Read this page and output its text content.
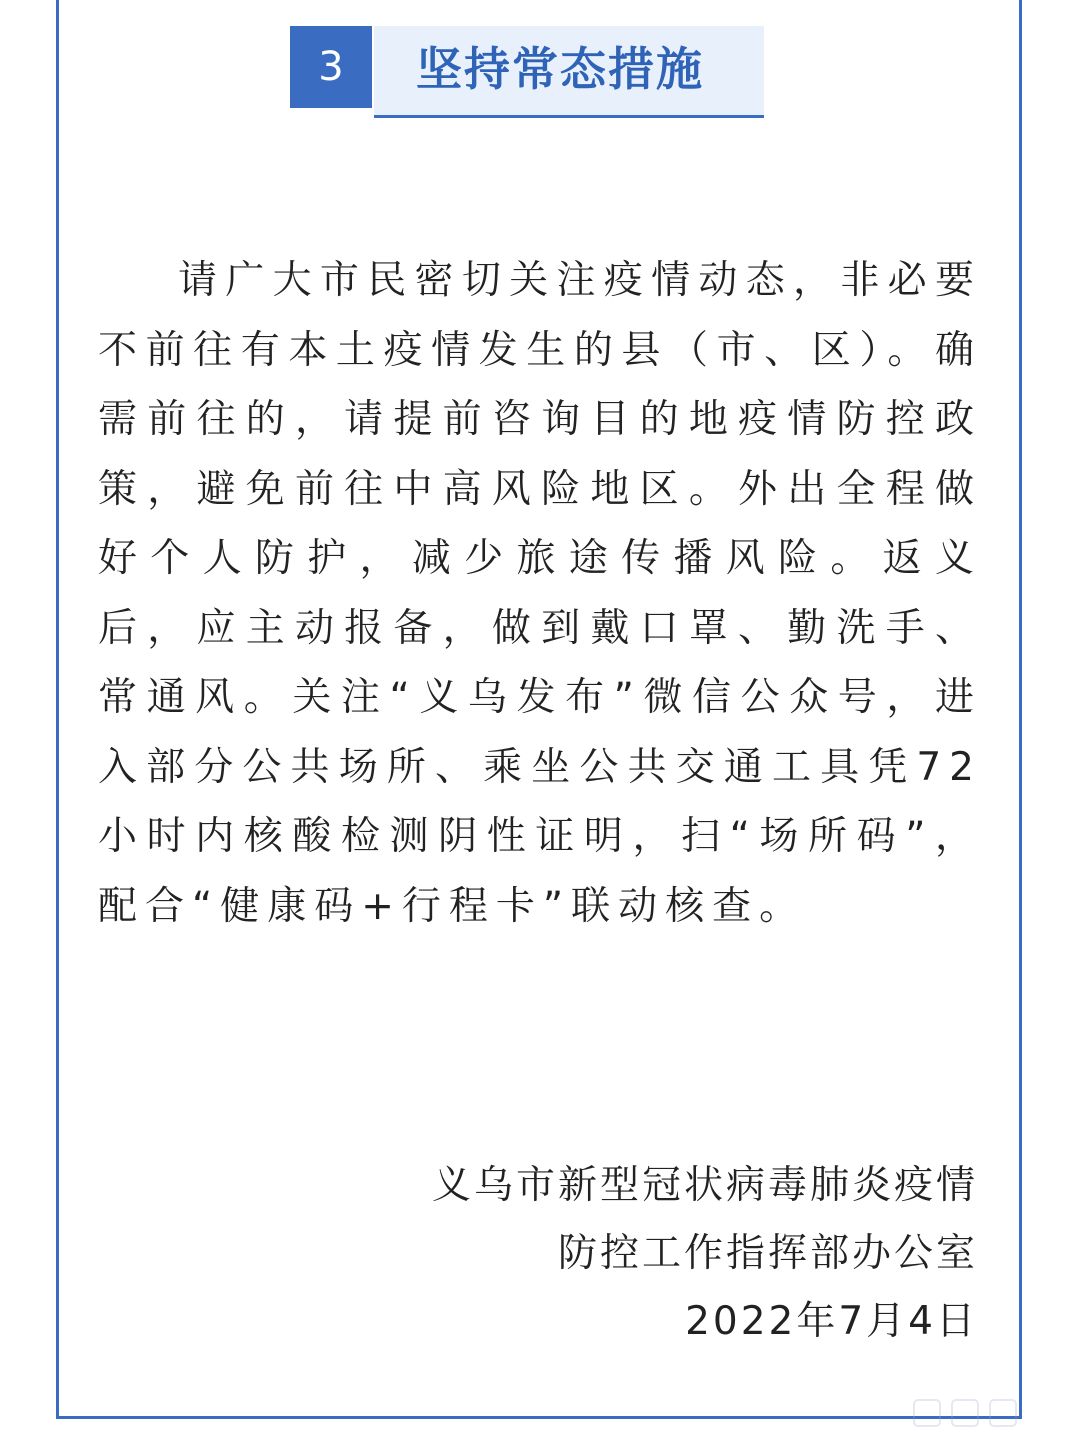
3	坚持常态措施

请广大市民密切关注疫情动态，非必要不前往有本土疫情发生的县（市、区）。确需前往的，请提前咨询目的地疫情防控政策，避免前往中高风险地区。外出全程做好个人防护，减少旅途传播风险。返义后，应主动报备，做到戴口罩、勤洗手、常通风。关注“义乌发布”微信公众号，进入部分公共场所、乘坐公共交通工具凭72小时内核酸检测阴性证明，扫“场所码”，配合“健康码+行程卡”联动核查。

义乌市新型冠状病毒肺炎疫情
防控工作指挥部办公室
2022年7月4日
